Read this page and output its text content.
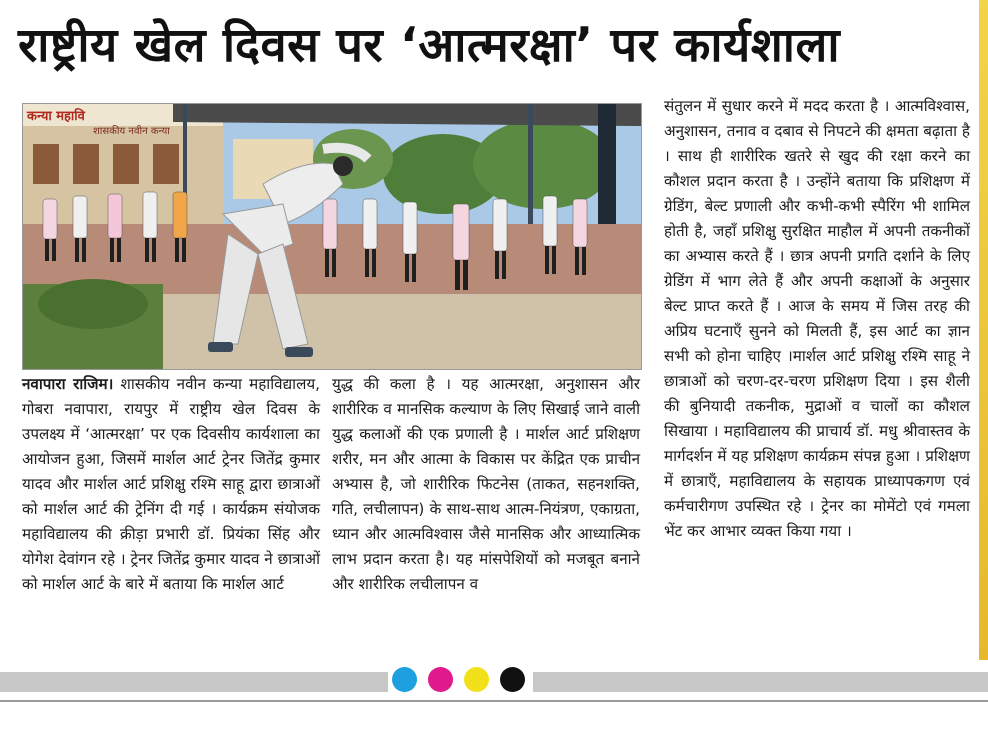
राष्ट्रीय खेल दिवस पर ‘आत्मरक्षा’ पर कार्यशाला
कन्या महावि
शासकीय नवीन कन्या

नवापारा राजिम। शासकीय नवीन कन्या महाविद्यालय, गोबरा नवापारा, रायपुर में राष्ट्रीय खेल दिवस के उपलक्ष्य में ‘आत्मरक्षा’ पर एक दिवसीय कार्यशाला का आयोजन हुआ, जिसमें मार्शल आर्ट ट्रेनर जितेंद्र कुमार यादव और मार्शल आर्ट प्रशिक्षु रश्मि साहू द्वारा छात्राओं को मार्शल आर्ट की ट्रेनिंग दी गई । कार्यक्रम संयोजक महाविद्यालय की क्रीड़ा प्रभारी डॉ. प्रियंका सिंह और योगेश देवांगन रहे । ट्रेनर जितेंद्र कुमार यादव ने छात्राओं को मार्शल आर्ट के बारे में बताया कि मार्शल आर्ट

युद्ध की कला है । यह आत्मरक्षा, अनुशासन और शारीरिक व मानसिक कल्याण के लिए सिखाई जाने वाली युद्ध कलाओं की एक प्रणाली है । मार्शल आर्ट प्रशिक्षण शरीर, मन और आत्मा के विकास पर केंद्रित एक प्राचीन अभ्यास है, जो शारीरिक फिटनेस (ताकत, सहनशक्ति, गति, लचीलापन) के साथ-साथ आत्म-नियंत्रण, एकाग्रता, ध्यान और आत्मविश्वास जैसे मानसिक और आध्यात्मिक लाभ प्रदान करता है। यह मांसपेशियों को मजबूत बनाने और शारीरिक लचीलापन व

संतुलन में सुधार करने में मदद करता है । आत्मविश्वास, अनुशासन, तनाव व दबाव से निपटने की क्षमता बढ़ाता है । साथ ही शारीरिक खतरे से खुद की रक्षा करने का कौशल प्रदान करता है । उन्होंने बताया कि प्रशिक्षण में ग्रेडिंग, बेल्ट प्रणाली और कभी-कभी स्पैरिंग भी शामिल होती है, जहाँ प्रशिक्षु सुरक्षित माहौल में अपनी तकनीकों का अभ्यास करते हैं । छात्र अपनी प्रगति दर्शाने के लिए ग्रेडिंग में भाग लेते हैं और अपनी कक्षाओं के अनुसार बेल्ट प्राप्त करते हैं । आज के समय में जिस तरह की अप्रिय घटनाएँ सुनने को मिलती हैं, इस आर्ट का ज्ञान सभी को होना चाहिए ।मार्शल आर्ट प्रशिक्षु रश्मि साहू ने छात्राओं को चरण-दर-चरण प्रशिक्षण दिया । इस शैली की बुनियादी तकनीक, मुद्राओं व चालों का कौशल सिखाया । महाविद्यालय की प्राचार्य डॉ. मधु श्रीवास्तव के मार्गदर्शन में यह प्रशिक्षण कार्यक्रम संपन्न हुआ । प्रशिक्षण में छात्राएँ, महाविद्यालय के सहायक प्राध्यापकगण एवं कर्मचारीगण उपस्थित रहे । ट्रेनर का मोमेंटो एवं गमला भेंट कर आभार व्यक्त किया गया ।
